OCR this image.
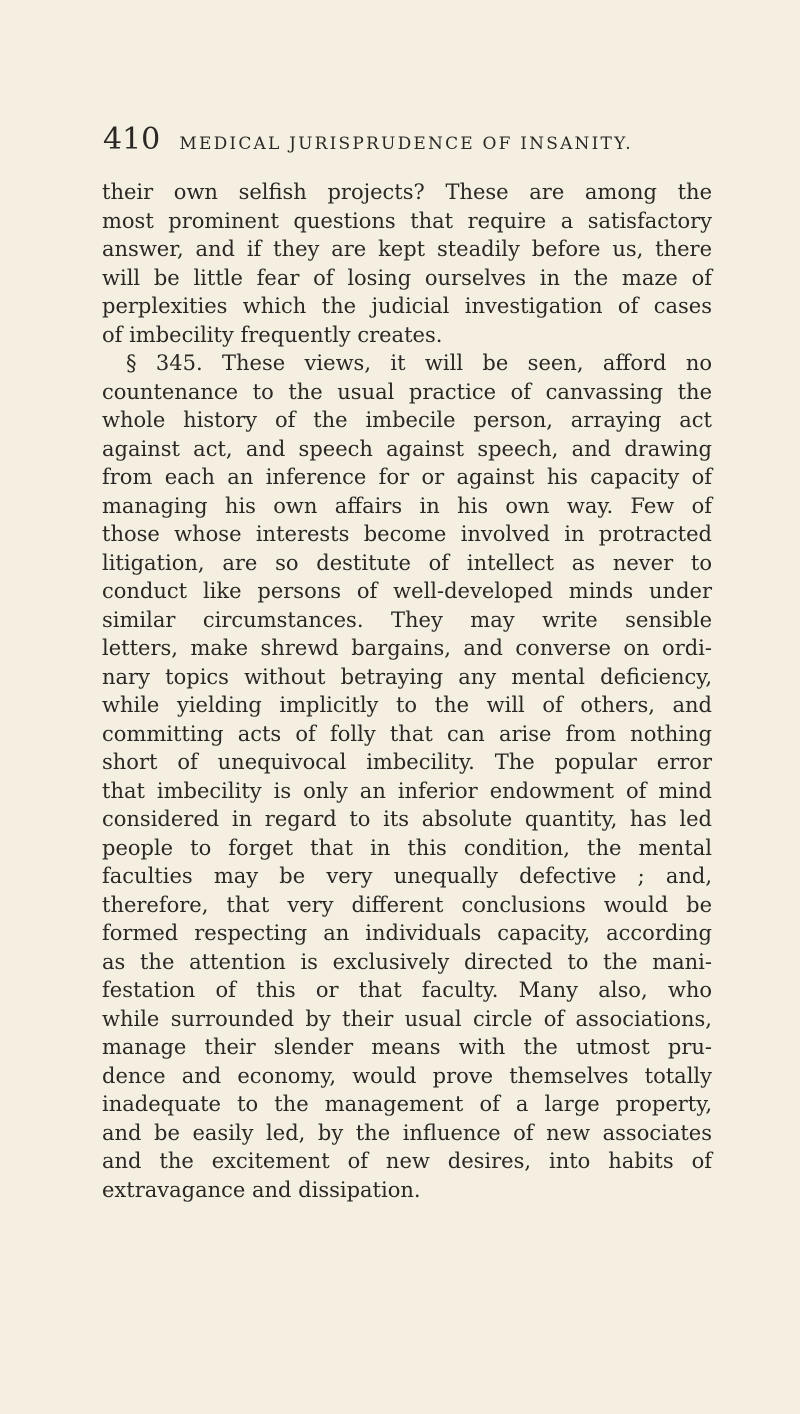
410 MEDICAL JURISPRUDENCE OF INSANITY.
their own selfish projects? These are among the
most prominent questions that require a satisfactory
answer, and if they are kept steadily before us, there
will be little fear of losing ourselves in the maze of
perplexities which the judicial investigation of cases
of imbecility frequently creates.
§ 345. These views, it will be seen, afford no
countenance to the usual practice of canvassing the
whole history of the imbecile person, arraying act
against act, and speech against speech, and drawing
from each an inference for or against his capacity of
managing his own affairs in his own way. Few of
those whose interests become involved in protracted
litigation, are so destitute of intellect as never to
conduct like persons of well-developed minds under
similar circumstances. They may write sensible
letters, make shrewd bargains, and converse on ordi-
nary topics without betraying any mental deficiency,
while yielding implicitly to the will of others, and
committing acts of folly that can arise from nothing
short of unequivocal imbecility. The popular error
that imbecility is only an inferior endowment of mind
considered in regard to its absolute quantity, has led
people to forget that in this condition, the mental
faculties may be very unequally defective ; and,
therefore, that very different conclusions would be
formed respecting an individuals capacity, according
as the attention is exclusively directed to the mani-
festation of this or that faculty. Many also, who
while surrounded by their usual circle of associations,
manage their slender means with the utmost pru-
dence and economy, would prove themselves totally
inadequate to the management of a large property,
and be easily led, by the influence of new associates
and the excitement of new desires, into habits of
extravagance and dissipation.
